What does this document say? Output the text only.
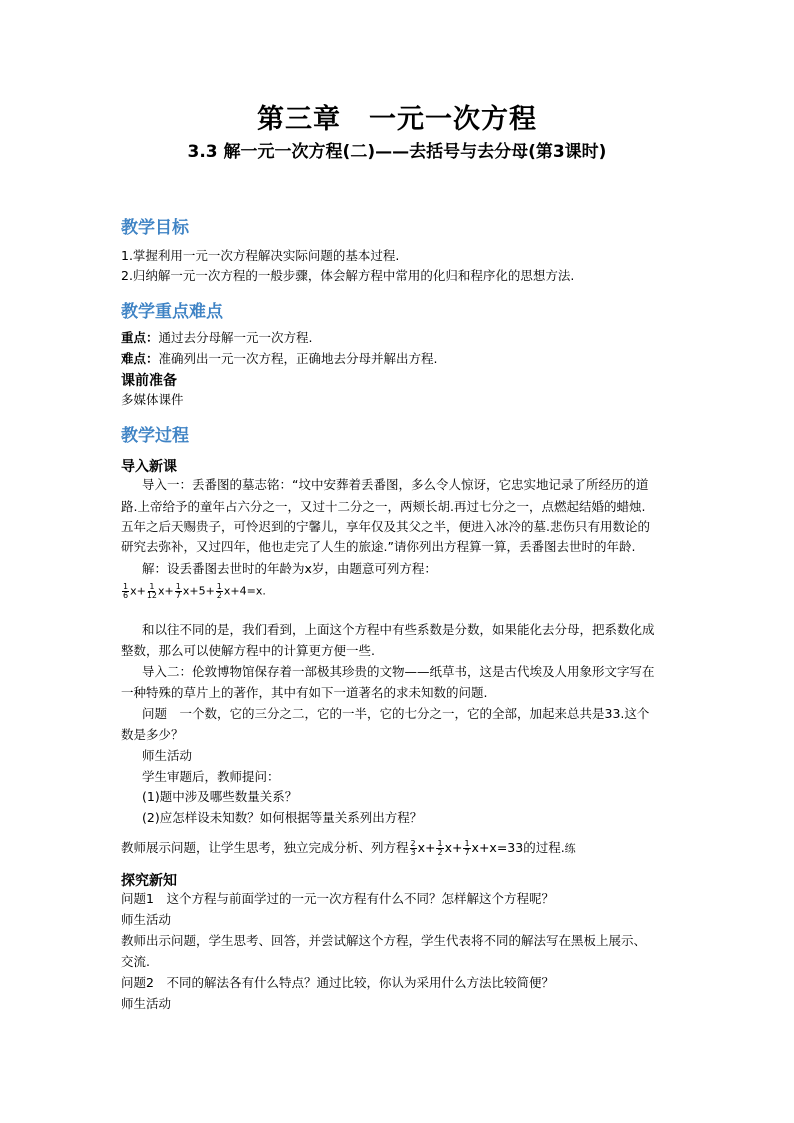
第三章　一元一次方程
3.3 解一元一次方程(二)——去括号与去分母(第3课时)
教学目标
1.掌握利用一元一次方程解决实际问题的基本过程.
2.归纳解一元一次方程的一般步骤，体会解方程中常用的化归和程序化的思想方法.
教学重点难点
重点：通过去分母解一元一次方程.
难点：准确列出一元一次方程，正确地去分母并解出方程.
课前准备
多媒体课件
教学过程
导入新课
导入一：丢番图的墓志铭：“坟中安葬着丢番图，多么令人惊讶，它忠实地记录了所经历的道
路.上帝给予的童年占六分之一，又过十二分之一，两颊长胡.再过七分之一，点燃起结婚的蜡烛.
五年之后天赐贵子，可怜迟到的宁馨儿，享年仅及其父之半，便进入冰冷的墓.悲伤只有用数论的
研究去弥补，又过四年，他也走完了人生的旅途.”请你列出方程算一算，丢番图去世时的年龄.
解：设丢番图去世时的年龄为x岁，由题意可列方程：
$\frac{1}{6} x+ \frac{1}{12} x+ \frac{1}{7} x+5+ \frac{1}{2} x+4=x$.
和以往不同的是，我们看到，上面这个方程中有些系数是分数，如果能化去分母，把系数化成
整数，那么可以使解方程中的计算更方便一些.
导入二：伦敦博物馆保存着一部极其珍贵的文物——纸草书，这是古代埃及人用象形文字写在
一种特殊的草片上的著作，其中有如下一道著名的求未知数的问题.
问题　一个数，它的三分之二，它的一半，它的七分之一，它的全部，加起来总共是33.这个
数是多少？
师生活动
学生审题后，教师提问：
(1)题中涉及哪些数量关系？
(2)应怎样设未知数？如何根据等量关系列出方程？
教师展示问题，让学生思考，独立完成分析、列方程 $\frac{2}{3} x+ \frac{1}{2} x+ \frac{1}{7} x+x=33$的过程.练
探究新知
问题1　这个方程与前面学过的一元一次方程有什么不同？怎样解这个方程呢？
师生活动
教师出示问题，学生思考、回答，并尝试解这个方程，学生代表将不同的解法写在黑板上展示、
交流.
问题2　不同的解法各有什么特点？通过比较，你认为采用什么方法比较简便？
师生活动
